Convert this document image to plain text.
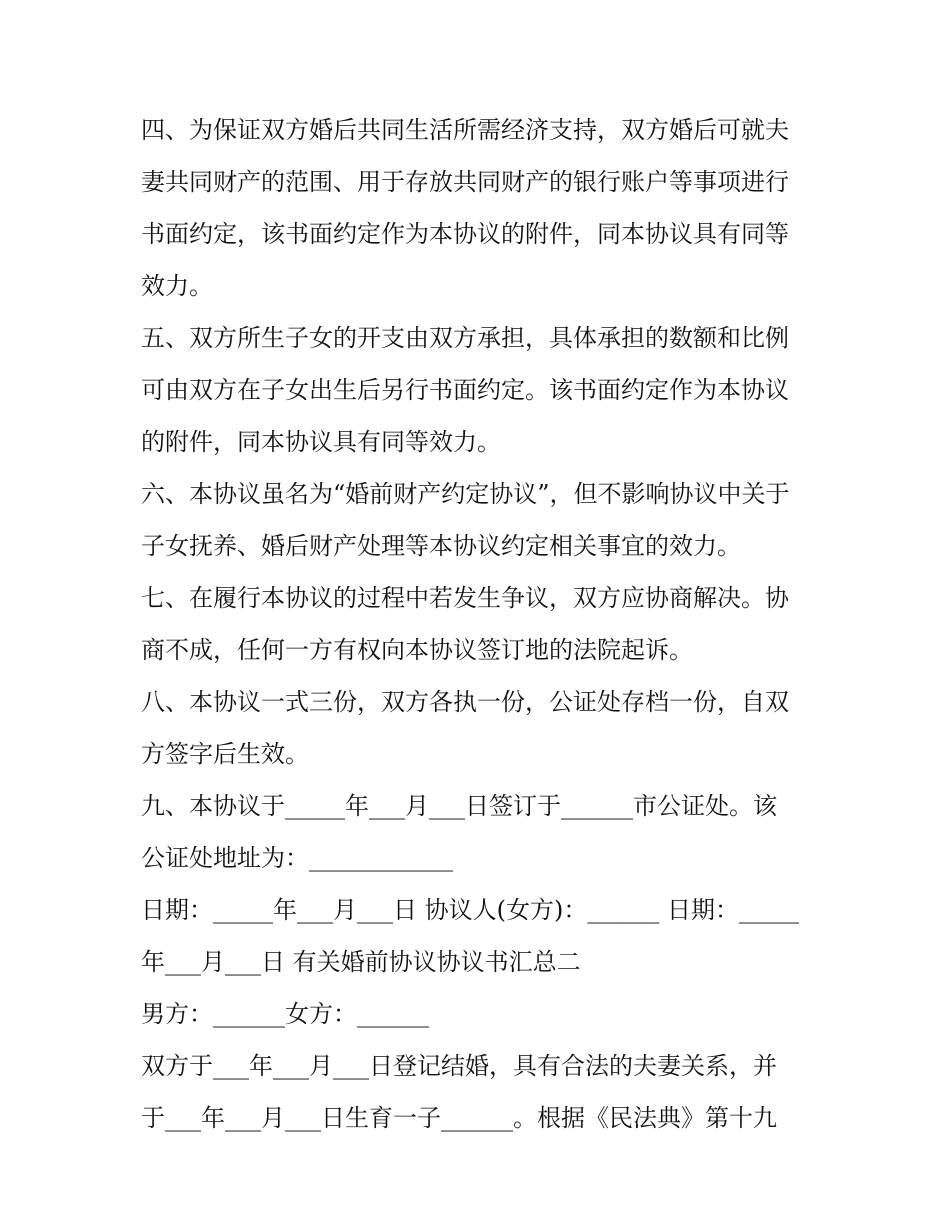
四、为保证双方婚后共同生活所需经济支持，双方婚后可就夫
妻共同财产的范围、用于存放共同财产的银行账户等事项进行
书面约定，该书面约定作为本协议的附件，同本协议具有同等
效力。
五、双方所生子女的开支由双方承担，具体承担的数额和比例
可由双方在子女出生后另行书面约定。该书面约定作为本协议
的附件，同本协议具有同等效力。
六、本协议虽名为“婚前财产约定协议”，但不影响协议中关于
子女抚养、婚后财产处理等本协议约定相关事宜的效力。
七、在履行本协议的过程中若发生争议，双方应协商解决。协
商不成，任何一方有权向本协议签订地的法院起诉。
八、本协议一式三份，双方各执一份，公证处存档一份，自双
方签字后生效。
九、本协议于_____年___月___日签订于______市公证处。该
公证处地址为：____________
日期：_____年___月___日 协议人(女方)：______ 日期：_____
年___月___日 有关婚前协议协议书汇总二
男方：______女方：______
双方于___年___月___日登记结婚，具有合法的夫妻关系，并
于___年___月___日生育一子______。根据《民法典》第十九
